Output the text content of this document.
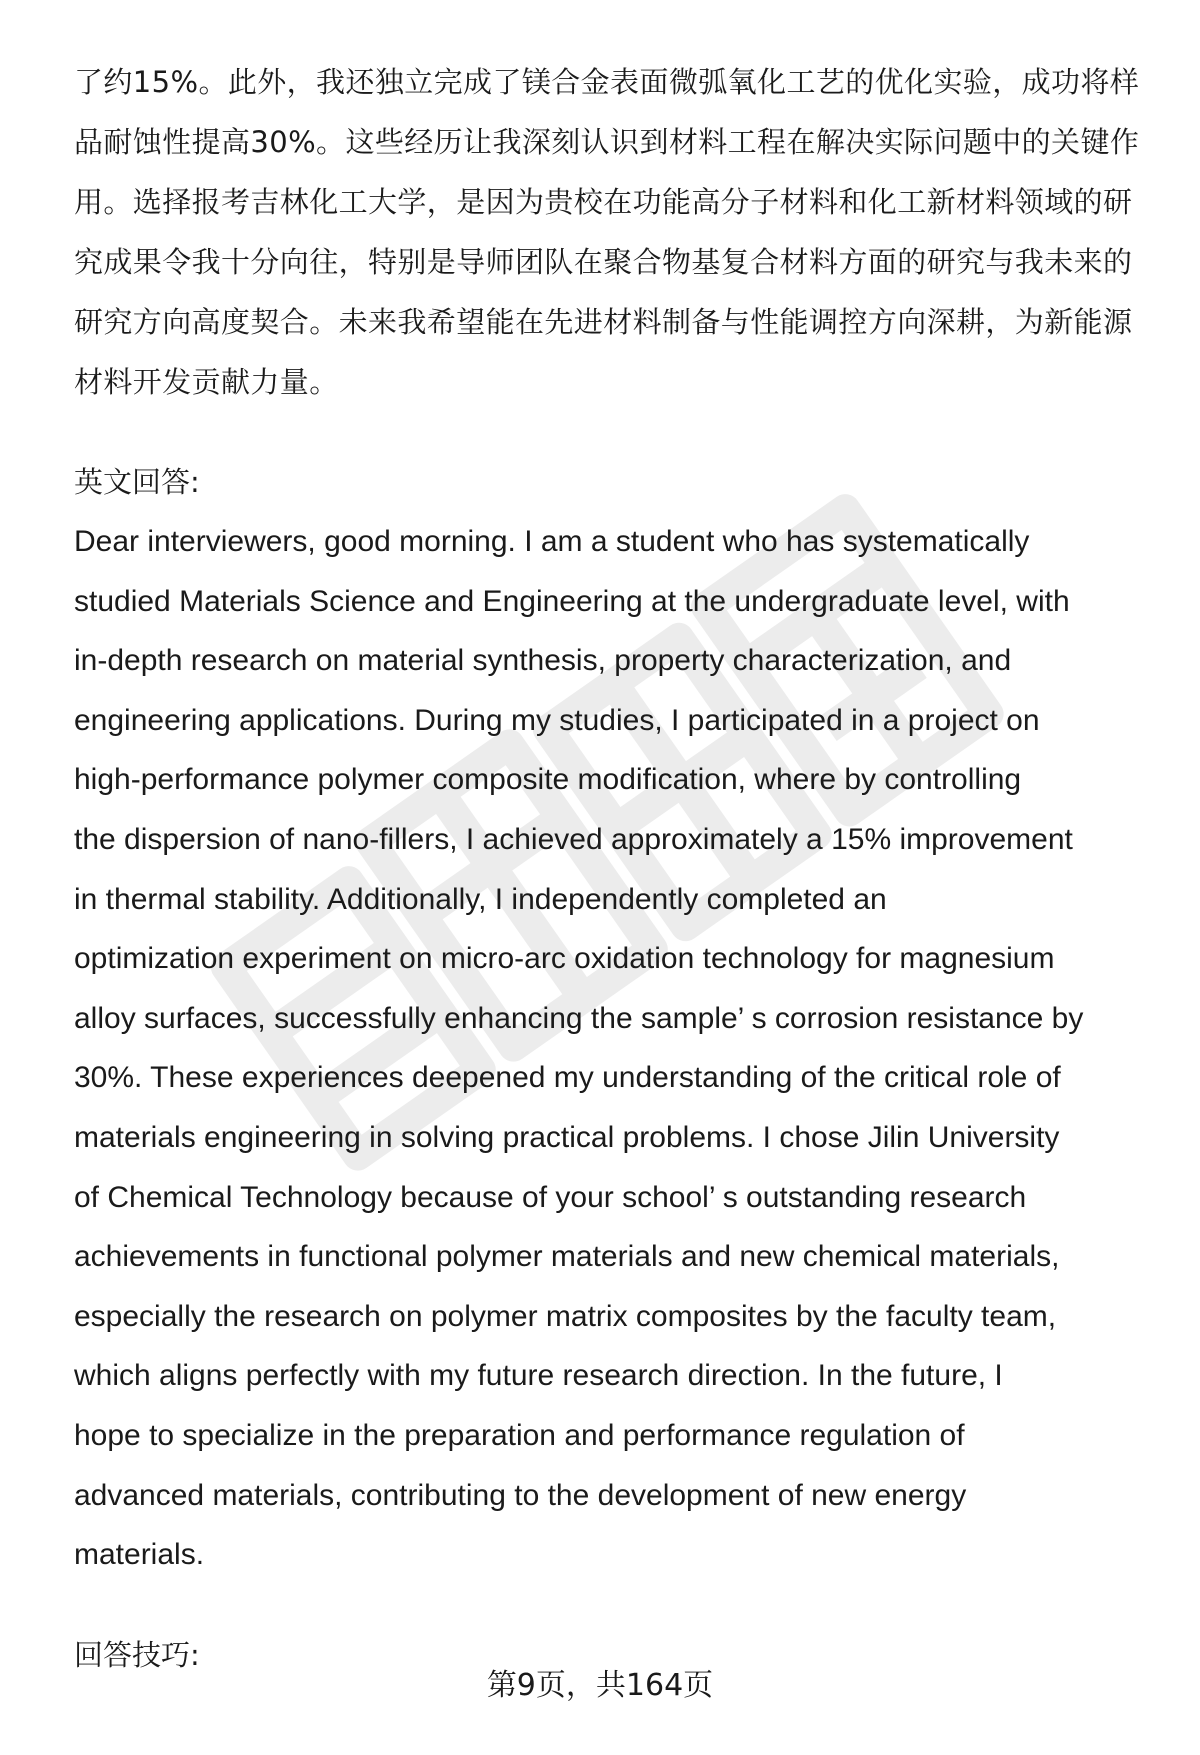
了约15%。此外，我还独立完成了镁合金表面微弧氧化工艺的优化实验，成功将样
品耐蚀性提高30%。这些经历让我深刻认识到材料工程在解决实际问题中的关键作
用。选择报考吉林化工大学，是因为贵校在功能高分子材料和化工新材料领域的研
究成果令我十分向往，特别是导师团队在聚合物基复合材料方面的研究与我未来的
研究方向高度契合。未来我希望能在先进材料制备与性能调控方向深耕，为新能源
材料开发贡献力量。

英文回答:

Dear interviewers, good morning. I am a student who has systematically
studied Materials Science and Engineering at the undergraduate level, with
in-depth research on material synthesis, property characterization, and
engineering applications. During my studies, I participated in a project on
high-performance polymer composite modification, where by controlling
the dispersion of nano-fillers, I achieved approximately a 15% improvement
in thermal stability. Additionally, I independently completed an
optimization experiment on micro-arc oxidation technology for magnesium
alloy surfaces, successfully enhancing the sample’ s corrosion resistance by
30%. These experiences deepened my understanding of the critical role of
materials engineering in solving practical problems. I chose Jilin University
of Chemical Technology because of your school’ s outstanding research
achievements in functional polymer materials and new chemical materials,
especially the research on polymer matrix composites by the faculty team,
which aligns perfectly with my future research direction. In the future, I
hope to specialize in the preparation and performance regulation of
advanced materials, contributing to the development of new energy
materials.

回答技巧:

第9页，共164页
